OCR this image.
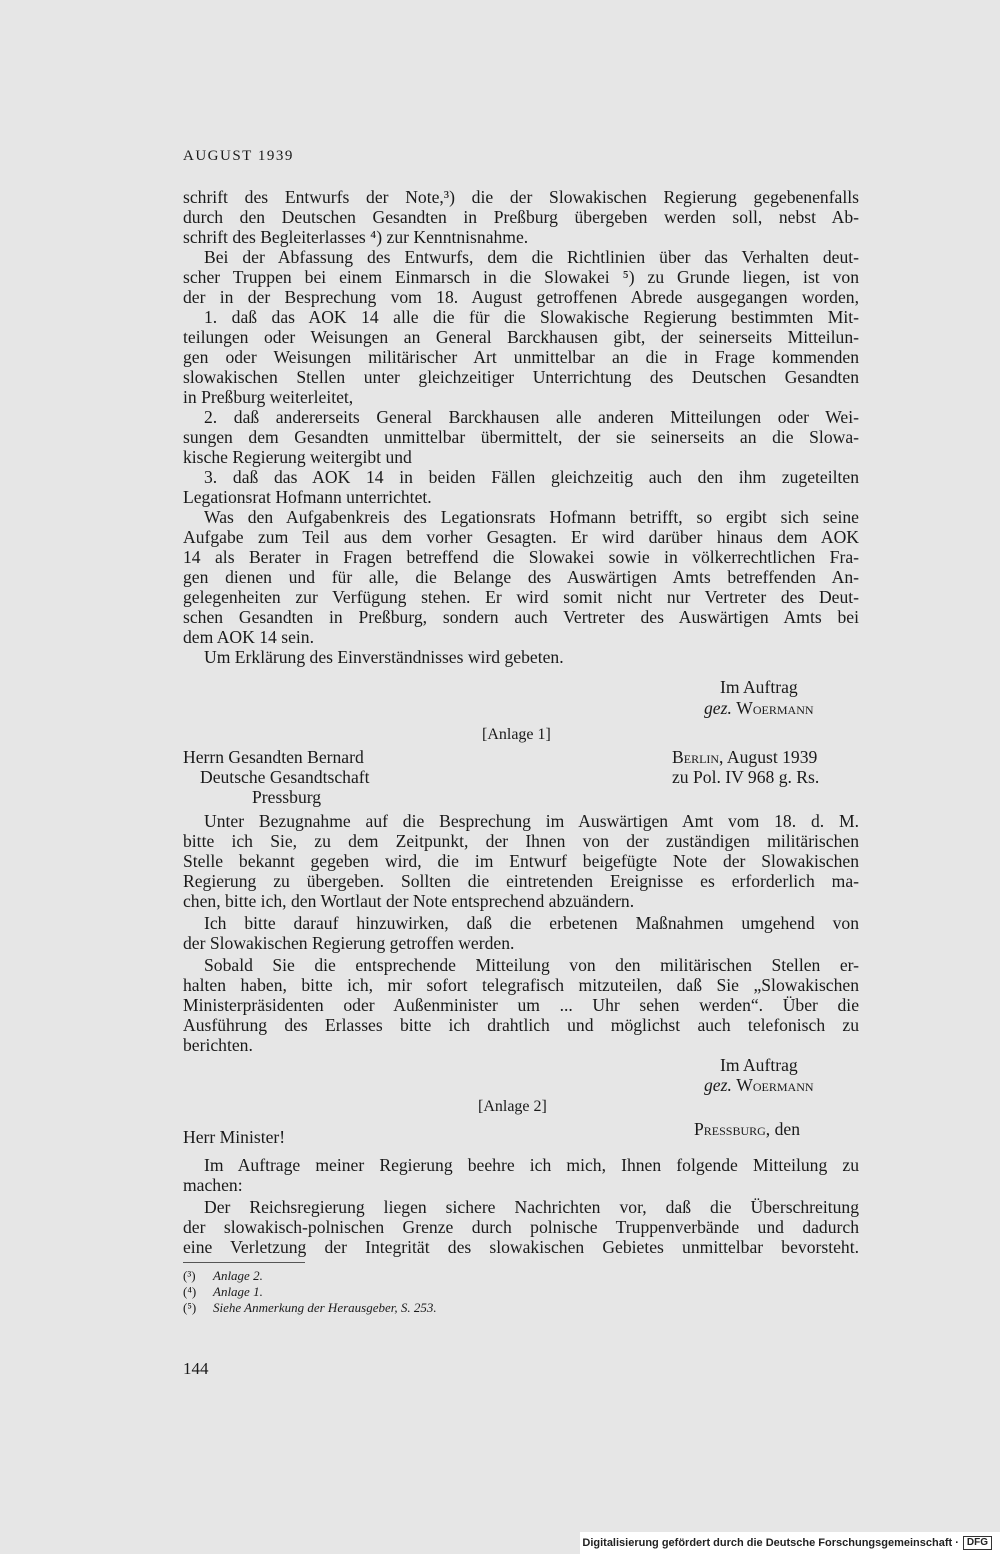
AUGUST 1939
schrift des Entwurfs der Note,³) die der Slowakischen Regierung gegebenenfalls
durch den Deutschen Gesandten in Preßburg übergeben werden soll, nebst Ab-
schrift des Begleiterlasses ⁴) zur Kenntnisnahme.
Bei der Abfassung des Entwurfs, dem die Richtlinien über das Verhalten deut-
scher Truppen bei einem Einmarsch in die Slowakei ⁵) zu Grunde liegen, ist von
der in der Besprechung vom 18. August getroffenen Abrede ausgegangen worden,
1. daß das AOK 14 alle die für die Slowakische Regierung bestimmten Mit-
teilungen oder Weisungen an General Barckhausen gibt, der seinerseits Mitteilun-
gen oder Weisungen militärischer Art unmittelbar an die in Frage kommenden
slowakischen Stellen unter gleichzeitiger Unterrichtung des Deutschen Gesandten
in Preßburg weiterleitet,
2. daß andererseits General Barckhausen alle anderen Mitteilungen oder Wei-
sungen dem Gesandten unmittelbar übermittelt, der sie seinerseits an die Slowa-
kische Regierung weitergibt und
3. daß das AOK 14 in beiden Fällen gleichzeitig auch den ihm zugeteilten
Legationsrat Hofmann unterrichtet.
Was den Aufgabenkreis des Legationsrats Hofmann betrifft, so ergibt sich seine
Aufgabe zum Teil aus dem vorher Gesagten. Er wird darüber hinaus dem AOK
14 als Berater in Fragen betreffend die Slowakei sowie in völkerrechtlichen Fra-
gen dienen und für alle, die Belange des Auswärtigen Amts betreffenden An-
gelegenheiten zur Verfügung stehen. Er wird somit nicht nur Vertreter des Deut-
schen Gesandten in Preßburg, sondern auch Vertreter des Auswärtigen Amts bei
dem AOK 14 sein.
Um Erklärung des Einverständnisses wird gebeten.
Im Auftrag
gez. Woermann
[Anlage 1]
Herrn Gesandten Bernard
Deutsche Gesandtschaft
Pressburg
Berlin, August 1939
zu Pol. IV 968 g. Rs.
Unter Bezugnahme auf die Besprechung im Auswärtigen Amt vom 18. d. M.
bitte ich Sie, zu dem Zeitpunkt, der Ihnen von der zuständigen militärischen
Stelle bekannt gegeben wird, die im Entwurf beigefügte Note der Slowakischen
Regierung zu übergeben. Sollten die eintretenden Ereignisse es erforderlich ma-
chen, bitte ich, den Wortlaut der Note entsprechend abzuändern.
Ich bitte darauf hinzuwirken, daß die erbetenen Maßnahmen umgehend von
der Slowakischen Regierung getroffen werden.
Sobald Sie die entsprechende Mitteilung von den militärischen Stellen er-
halten haben, bitte ich, mir sofort telegrafisch mitzuteilen, daß Sie „Slowakischen
Ministerpräsidenten oder Außenminister um ... Uhr sehen werden“. Über die
Ausführung des Erlasses bitte ich drahtlich und möglichst auch telefonisch zu
berichten.
Im Auftrag
gez. Woermann
[Anlage 2]
Herr Minister!	Pressburg, den
Im Auftrage meiner Regierung beehre ich mich, Ihnen folgende Mitteilung zu
machen:
Der Reichsregierung liegen sichere Nachrichten vor, daß die Überschreitung
der slowakisch-polnischen Grenze durch polnische Truppenverbände und dadurch
eine Verletzung der Integrität des slowakischen Gebietes unmittelbar bevorsteht.
(³) Anlage 2.
(⁴) Anlage 1.
(⁵) Siehe Anmerkung der Herausgeber, S. 253.
144
Digitalisierung gefördert durch die Deutsche Forschungsgemeinschaft · DFG
